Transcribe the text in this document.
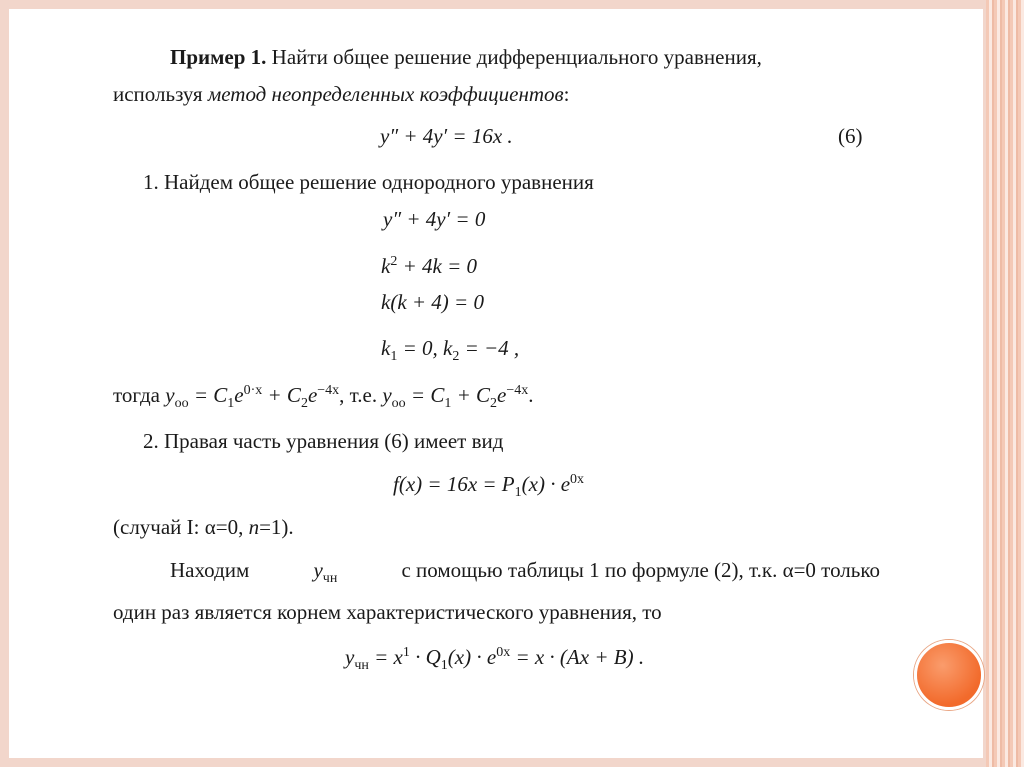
Пример 1. Найти общее решение дифференциального уравнения,
используя метод неопределенных коэффициентов:
y″ + 4y′ = 16x .	(6)
1. Найдем общее решение однородного уравнения
y″ + 4y′ = 0
$k^2 + 4k = 0$
k(k + 4) = 0
$k_1 = 0$, $k_2 = -4$ ,
тогда $y_{oo} = C_1e^{0\cdot x} + C_2e^{-4x}$, т.е. $y_{oo} = C_1 + C_2e^{-4x}$.
2. Правая часть уравнения (6) имеет вид
$f(x) = 16x = P_1(x) \cdot e^{0x}$
(случай I: α=0, n=1).
Находим	$y_{чн}$	с помощью таблицы 1 по формуле (2), т.к. α=0 только
один раз является корнем характеристического уравнения, то
$y_{чн} = x^1 \cdot Q_1(x) \cdot e^{0x} = x \cdot (Ax + B)$ .
